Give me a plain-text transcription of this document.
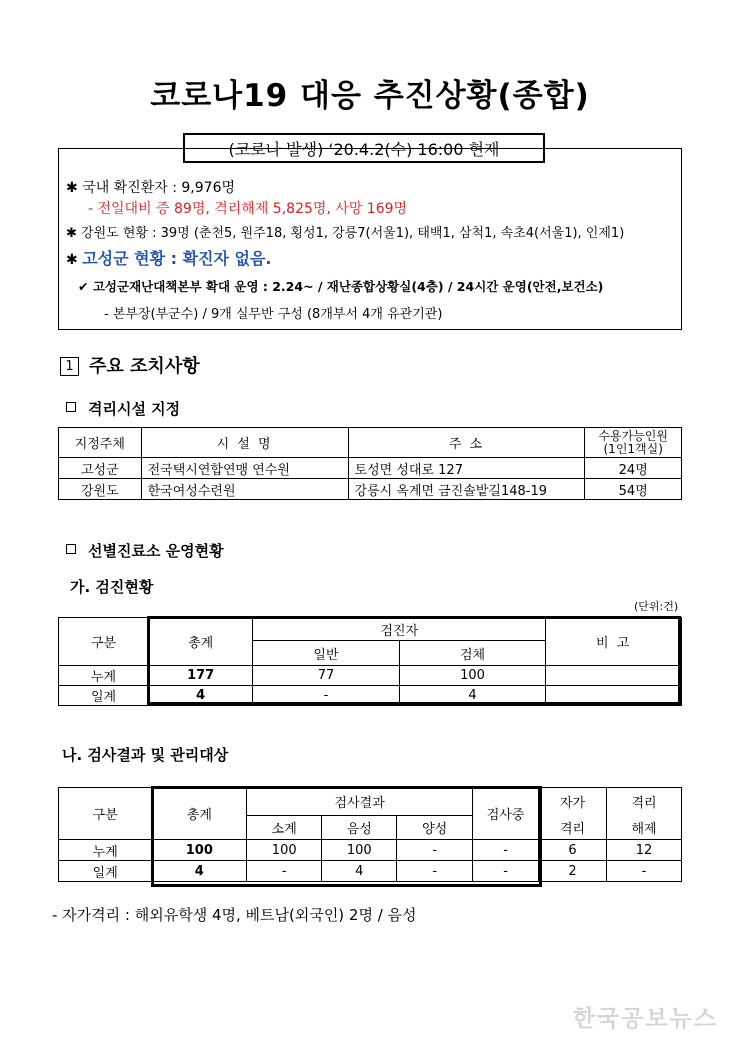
코로나19 대응 추진상황(종합)
(코로나 발생) ‘20.4.2(수) 16:00 현재
✱ 국내 확진환자 : 9,976명
- 전일대비 증 89명, 격리해제 5,825명, 사망 169명
✱ 강원도 현황 : 39명 (춘천5, 원주18, 횡성1, 강릉7(서울1), 태백1, 삼척1, 속초4(서울1), 인제1)
✱ 고성군 현황 : 확진자 없음.
✔ 고성군재난대책본부 확대 운영 : 2.24~ / 재난종합상황실(4층) / 24시간 운영(안전,보건소)
- 본부장(부군수) / 9개 실무반 구성 (8개부서 4개 유관기관)
1 주요 조치사항
격리시설 지정
지정주체	시 설 명	주 소	수용가능인원
(1인1객실)

고성군	전국택시연합연맹 연수원	토성면 성대로 127	24명
강원도	한국여성수련원	강릉시 옥계면 금진솔밭길148-19	54명
선별진료소 운영현황
가. 검진현황
(단위:건)
구분	총계	검진자		비 고
		일반	검체	
누계	177	77	100	
일계	4	-	4	
나. 검사결과 및 관리대상
구분	총계	검사결과			검사중	자가	격리
		소계	음성	양성		격리	해제
누계	100	100	100	-	-	6	12
일계	4	-	4	-	-	2	-
- 자가격리 : 해외유학생 4명, 베트남(외국인) 2명 / 음성
한국공보뉴스
